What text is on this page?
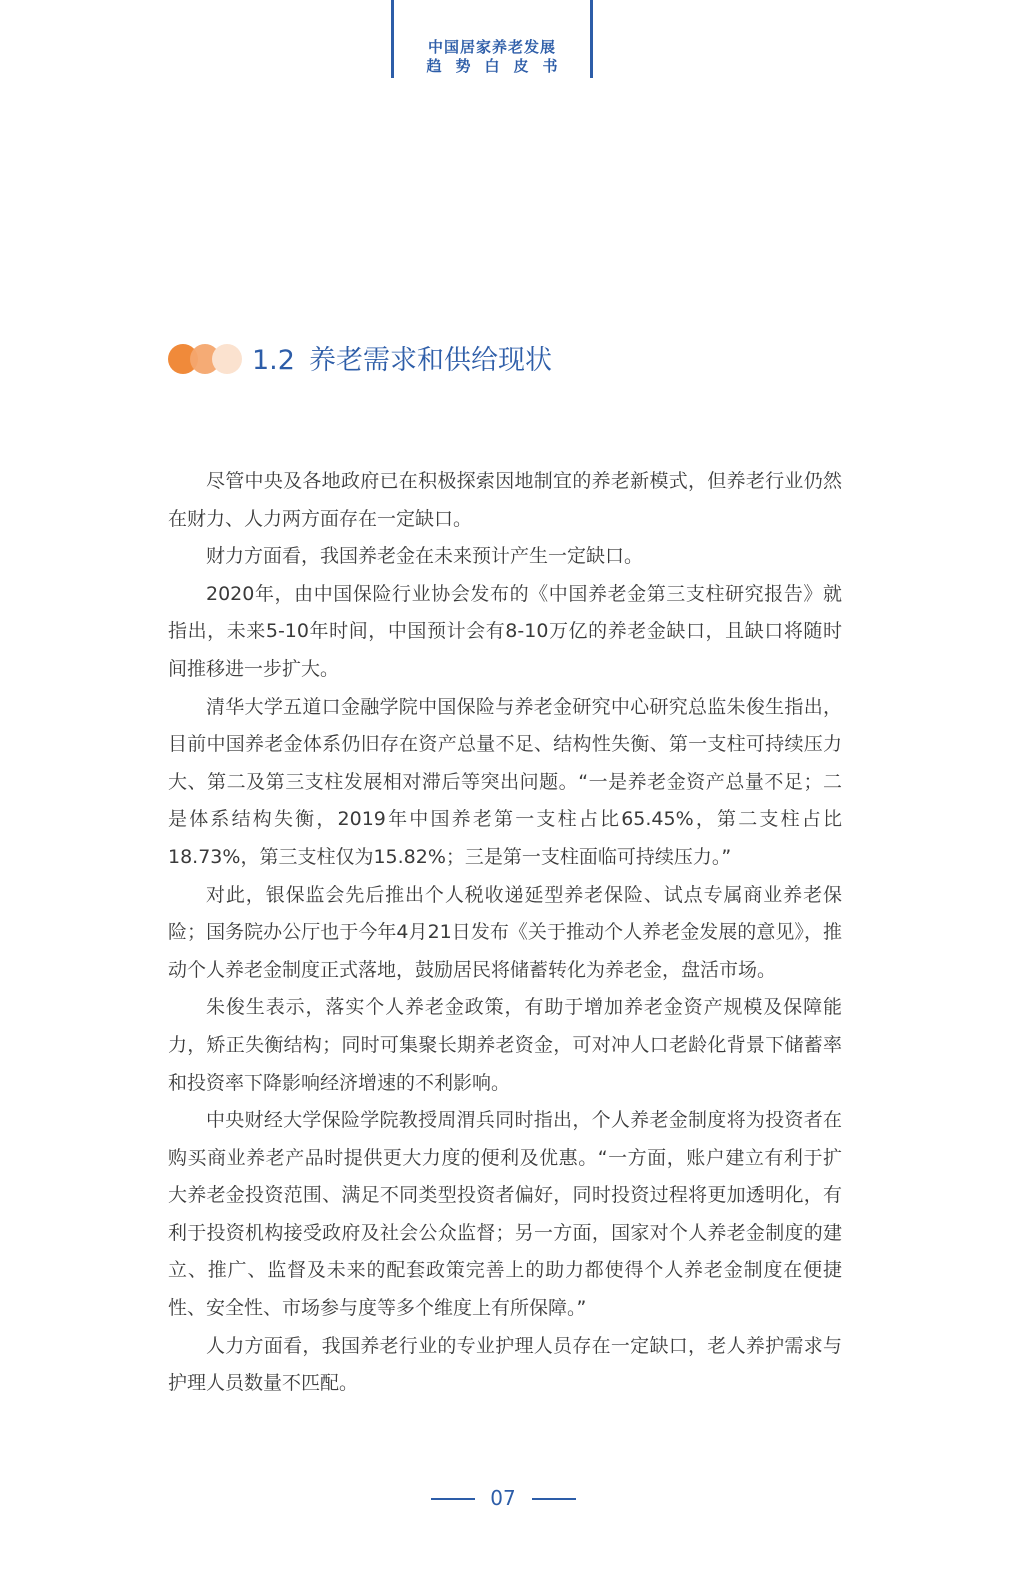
中国居家养老发展
趋势白皮书
1.2 养老需求和供给现状

尽管中央及各地政府已在积极探索因地制宜的养老新模式，但养老行业仍然在财力、人力两方面存在一定缺口。

财力方面看，我国养老金在未来预计产生一定缺口。

2020年，由中国保险行业协会发布的《中国养老金第三支柱研究报告》就指出，未来5-10年时间，中国预计会有8-10万亿的养老金缺口，且缺口将随时间推移进一步扩大。

清华大学五道口金融学院中国保险与养老金研究中心研究总监朱俊生指出，目前中国养老金体系仍旧存在资产总量不足、结构性失衡、第一支柱可持续压力大、第二及第三支柱发展相对滞后等突出问题。“一是养老金资产总量不足；二是体系结构失衡，2019年中国养老第一支柱占比65.45%，第二支柱占比18.73%，第三支柱仅为15.82%；三是第一支柱面临可持续压力。”

对此，银保监会先后推出个人税收递延型养老保险、试点专属商业养老保险；国务院办公厅也于今年4月21日发布《关于推动个人养老金发展的意见》，推动个人养老金制度正式落地，鼓励居民将储蓄转化为养老金，盘活市场。

朱俊生表示，落实个人养老金政策，有助于增加养老金资产规模及保障能力，矫正失衡结构；同时可集聚长期养老资金，可对冲人口老龄化背景下储蓄率和投资率下降影响经济增速的不利影响。

中央财经大学保险学院教授周渭兵同时指出，个人养老金制度将为投资者在购买商业养老产品时提供更大力度的便利及优惠。“一方面，账户建立有利于扩大养老金投资范围、满足不同类型投资者偏好，同时投资过程将更加透明化，有利于投资机构接受政府及社会公众监督；另一方面，国家对个人养老金制度的建立、推广、监督及未来的配套政策完善上的助力都使得个人养老金制度在便捷性、安全性、市场参与度等多个维度上有所保障。”

人力方面看，我国养老行业的专业护理人员存在一定缺口，老人养护需求与护理人员数量不匹配。

07
